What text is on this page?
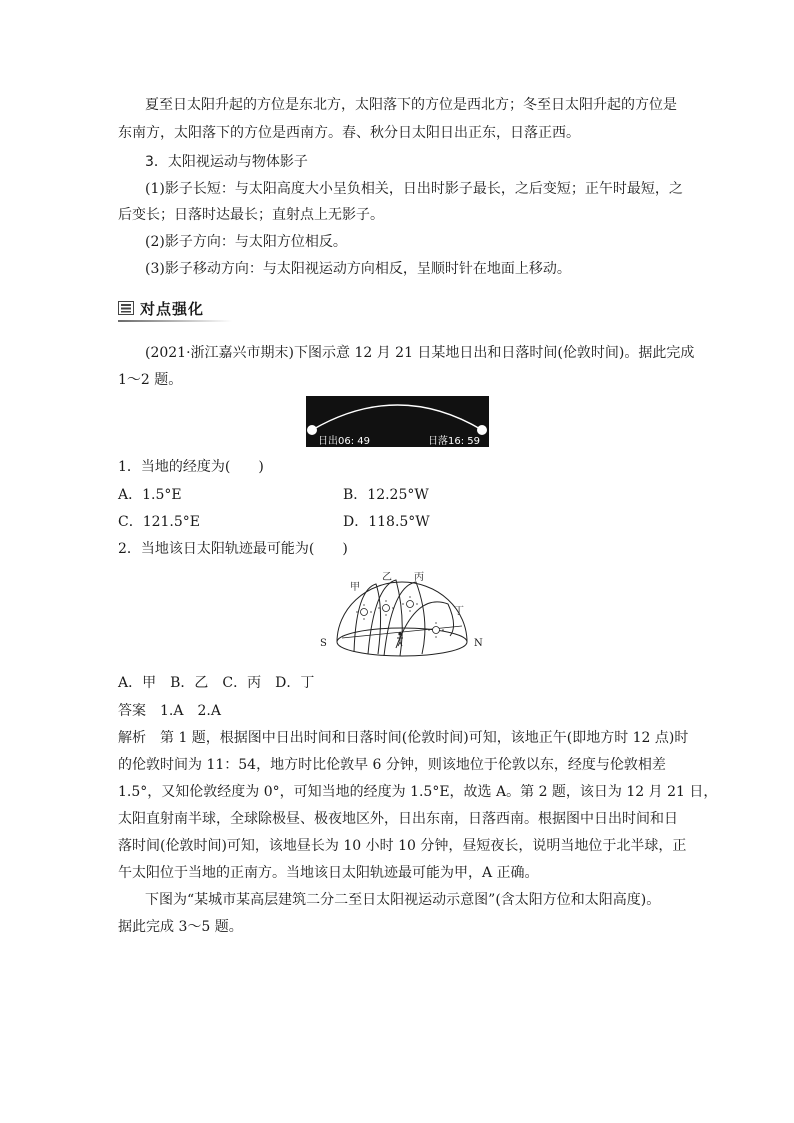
夏至日太阳升起的方位是东北方，太阳落下的方位是西北方；冬至日太阳升起的方位是
东南方，太阳落下的方位是西南方。春、秋分日太阳日出正东，日落正西。
3．太阳视运动与物体影子
(1)影子长短：与太阳高度大小呈负相关，日出时影子最长，之后变短；正午时最短，之
后变长；日落时达最长；直射点上无影子。
(2)影子方向：与太阳方位相反。
(3)影子移动方向：与太阳视运动方向相反，呈顺时针在地面上移动。
对点强化
(2021·浙江嘉兴市期末)下图示意 12 月 21 日某地日出和日落时间(伦敦时间)。据此完成
1～2 题。
日出06: 49	日落16: 59
1．当地的经度为(　　)
A．1.5°E	B．12.25°W
C．121.5°E	D．118.5°W
2．当地该日太阳轨迹最可能为(　　)
甲
乙 丙
丁
S	N
A．甲　B．乙　C．丙　D．丁
答案　1.A　2.A
解析　第 1 题，根据图中日出时间和日落时间(伦敦时间)可知，该地正午(即地方时 12 点)时
的伦敦时间为 11：54，地方时比伦敦早 6 分钟，则该地位于伦敦以东，经度与伦敦相差
1.5°，又知伦敦经度为 0°，可知当地的经度为 1.5°E，故选 A。第 2 题，该日为 12 月 21 日，
太阳直射南半球，全球除极昼、极夜地区外，日出东南，日落西南。根据图中日出时间和日
落时间(伦敦时间)可知，该地昼长为 10 小时 10 分钟，昼短夜长，说明当地位于北半球，正
午太阳位于当地的正南方。当地该日太阳轨迹最可能为甲，A 正确。
下图为“某城市某高层建筑二分二至日太阳视运动示意图”(含太阳方位和太阳高度)。
据此完成 3～5 题。
